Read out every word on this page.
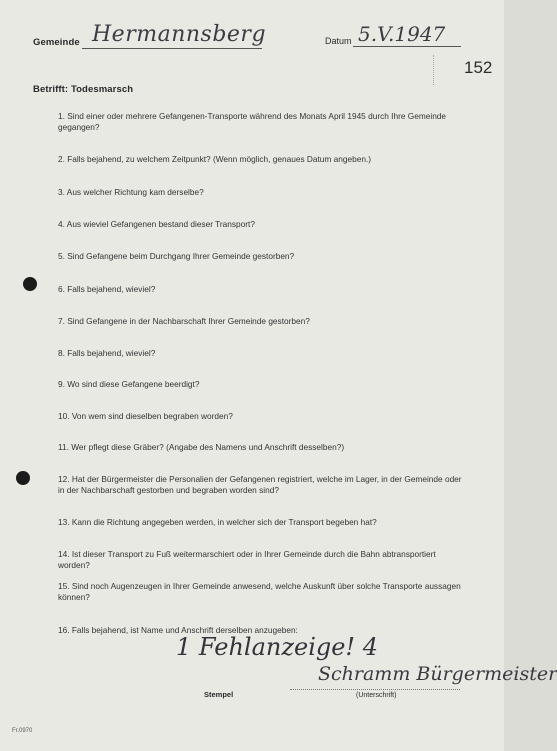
Gemeinde Hermannsberg	Datum 5.V.1947
152
Betrifft: Todesmarsch
1. Sind einer oder mehrere Gefangenen-Transporte während des Monats April 1945 durch Ihre Gemeinde gegangen?
2. Falls bejahend, zu welchem Zeitpunkt? (Wenn möglich, genaues Datum angeben.)
3. Aus welcher Richtung kam derselbe?
4. Aus wieviel Gefangenen bestand dieser Transport?
5. Sind Gefangene beim Durchgang Ihrer Gemeinde gestorben?
6. Falls bejahend, wieviel?
7. Sind Gefangene in der Nachbarschaft Ihrer Gemeinde gestorben?
8. Falls bejahend, wieviel?
9. Wo sind diese Gefangene beerdigt?
10. Von wem sind dieselben begraben worden?
11. Wer pflegt diese Gräber? (Angabe des Namens und Anschrift desselben?)
12. Hat der Bürgermeister die Personalien der Gefangenen registriert, welche im Lager, in der Gemeinde oder in der Nachbarschaft gestorben und begraben worden sind?
13. Kann die Richtung angegeben werden, in welcher sich der Transport begeben hat?
14. Ist dieser Transport zu Fuß weitermarschiert oder in Ihrer Gemeinde durch die Bahn abtransportiert worden?
15. Sind noch Augenzeugen in Ihrer Gemeinde anwesend, welche Auskunft über solche Transporte aussagen können?
16. Falls bejahend, ist Name und Anschrift derselben anzugeben:
1 Fehlanzeige! 4
Schramm Bürgermeister
Stempel	(Unterschrift)
Fr.0970
